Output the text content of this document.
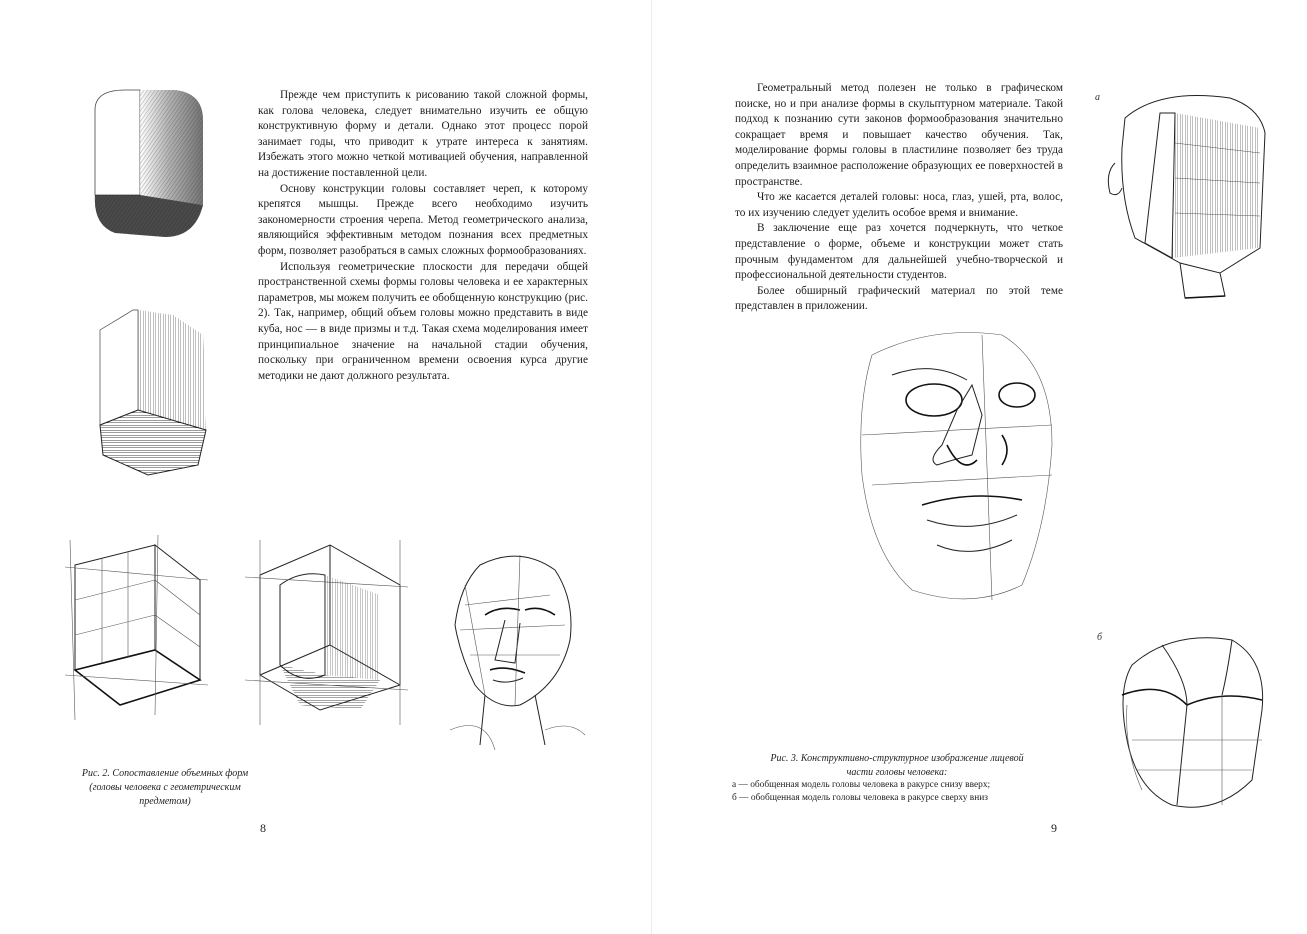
Прежде чем приступить к рисованию такой сложной формы, как голова человека, следует внимательно изучить ее общую конструктивную форму и детали. Однако этот процесс порой занимает годы, что приводит к утрате интереса к занятиям. Избежать этого можно четкой мотивацией обучения, направленной на достижение поставленной цели.

Основу конструкции головы составляет череп, к которому крепятся мышцы. Прежде всего необходимо изучить закономерности строения черепа. Метод геометрического анализа, являющийся эффективным методом познания всех предметных форм, позволяет разобраться в самых сложных формообразованиях.

Используя геометрические плоскости для передачи общей пространственной схемы формы головы человека и ее характерных параметров, мы можем получить ее обобщенную конструкцию (рис. 2). Так, например, общий объем головы можно представить в виде куба, нос — в виде призмы и т.д. Такая схема моделирования имеет принципиальное значение на начальной стадии обучения, поскольку при ограниченном времени освоения курса другие методики не дают должного результата.

Рис. 2. Сопоставление объемных форм
(головы человека с геометрическим
предметом)
8

Геометральный метод полезен не только в графическом поиске, но и при анализе формы в скульптурном материале. Такой подход к познанию сути законов формообразования значительно сокращает время и повышает качество обучения. Так, моделирование формы головы в пластилине позволяет без труда определить взаимное расположение образующих ее поверхностей в пространстве.

Что же касается деталей головы: носа, глаз, ушей, рта, волос, то их изучению следует уделить особое время и внимание.

В заключение еще раз хочется подчеркнуть, что четкое представление о форме, объеме и конструкции может стать прочным фундаментом для дальнейшей учебно-творческой и профессиональной деятельности студентов.

Более обширный графический материал по этой теме представлен в приложении.

а
б
Рис. 3. Конструктивно-структурное изображение лицевой
части головы человека:
а — обобщенная модель головы человека в ракурсе снизу вверх;
б — обобщенная модель головы человека в ракурсе сверху вниз
9
